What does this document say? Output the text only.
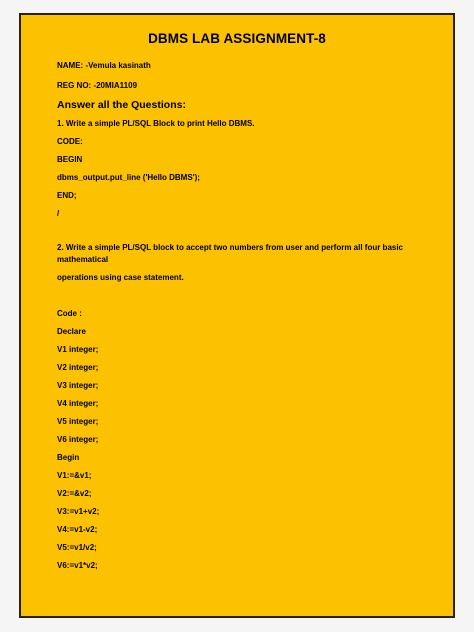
DBMS LAB ASSIGNMENT-8

NAME: -Vemula kasinath

REG NO: -20MIA1109

Answer all the Questions:

1. Write a simple PL/SQL Block to print Hello DBMS.

CODE:

BEGIN

dbms_output.put_line ('Hello DBMS');

END;

/

2. Write a simple PL/SQL block to accept two numbers from user and perform all four basic

mathematical

operations using case statement.

Code :

Declare

V1 integer;

V2 integer;

V3 integer;

V4 integer;

V5 integer;

V6 integer;

Begin

V1:=&v1;

V2:=&v2;

V3:=v1+v2;

V4:=v1-v2;

V5:=v1/v2;

V6:=v1*v2;
